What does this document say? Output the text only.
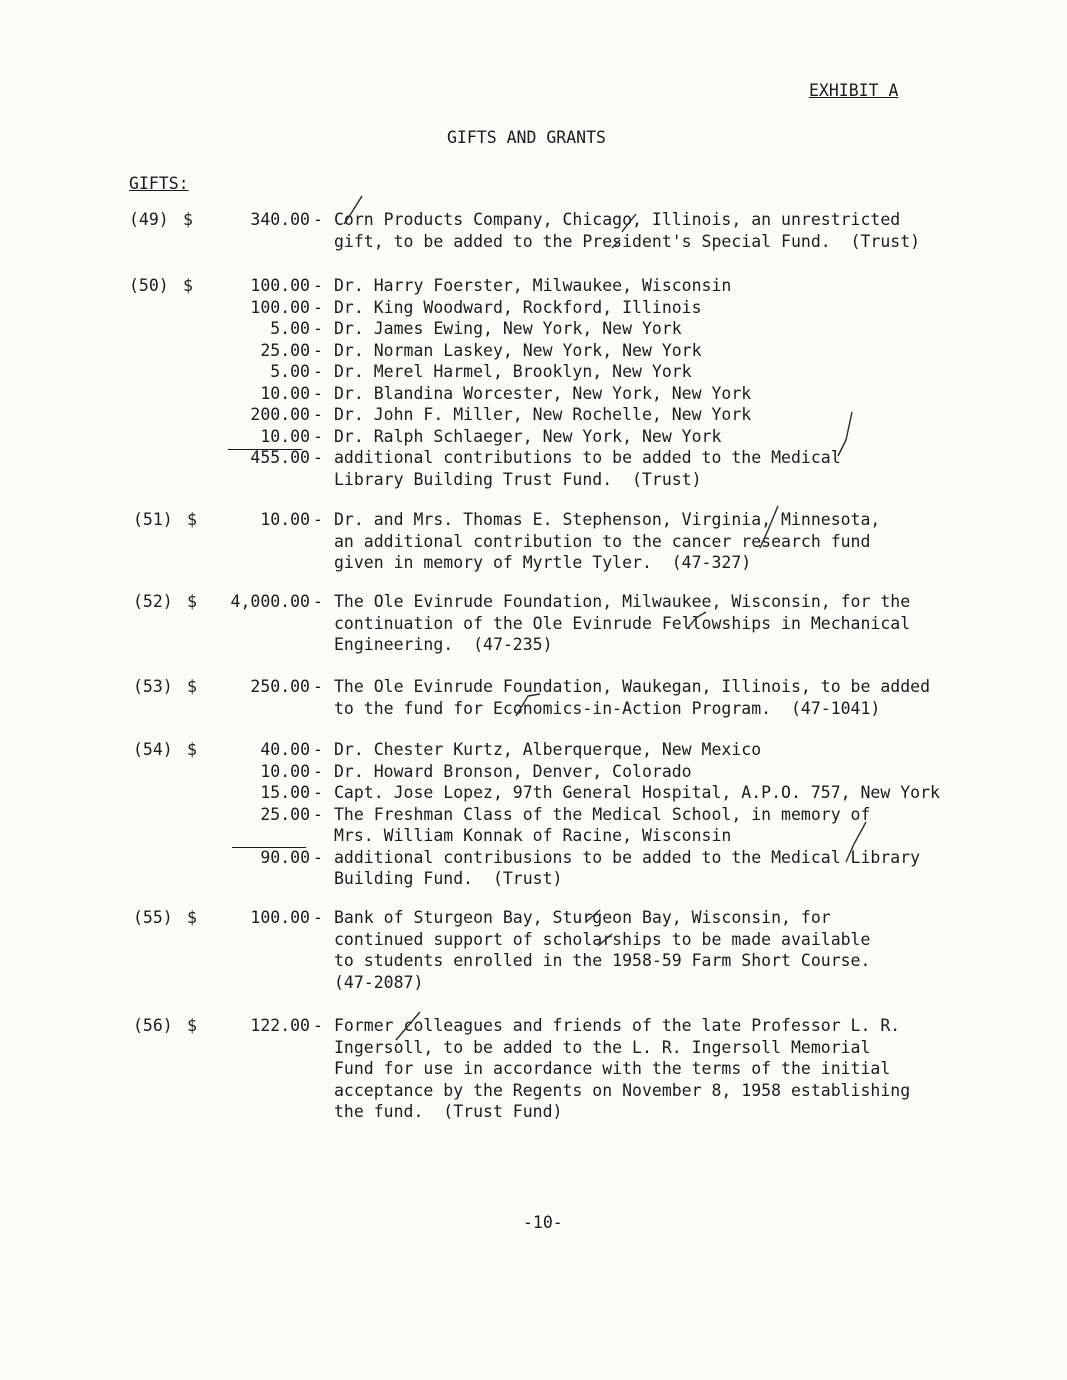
EXHIBIT A
GIFTS AND GRANTS
GIFTS:
(49) $	340.00 - Corn Products Company, Chicago, Illinois, an unrestricted
gift, to be added to the President's Special Fund.  (Trust)
(50) $	100.00 - Dr. Harry Foerster, Milwaukee, Wisconsin
100.00 - Dr. King Woodward, Rockford, Illinois
5.00 - Dr. James Ewing, New York, New York
25.00 - Dr. Norman Laskey, New York, New York
5.00 - Dr. Merel Harmel, Brooklyn, New York
10.00 - Dr. Blandina Worcester, New York, New York
200.00 - Dr. John F. Miller, New Rochelle, New York
10.00 - Dr. Ralph Schlaeger, New York, New York
455.00 - additional contributions to be added to the Medical
Library Building Trust Fund.  (Trust)
(51) $	10.00 - Dr. and Mrs. Thomas E. Stephenson, Virginia, Minnesota,
an additional contribution to the cancer research fund
given in memory of Myrtle Tyler.  (47-327)
(52) $	4,000.00 - The Ole Evinrude Foundation, Milwaukee, Wisconsin, for the
continuation of the Ole Evinrude Fellowships in Mechanical
Engineering.  (47-235)
(53) $	250.00 - The Ole Evinrude Foundation, Waukegan, Illinois, to be added
to the fund for Economics-in-Action Program.  (47-1041)
(54) $	40.00 - Dr. Chester Kurtz, Alberquerque, New Mexico
10.00 - Dr. Howard Bronson, Denver, Colorado
15.00 - Capt. Jose Lopez, 97th General Hospital, A.P.O. 757, New York
25.00 - The Freshman Class of the Medical School, in memory of
Mrs. William Konnak of Racine, Wisconsin
90.00 - additional contribusions to be added to the Medical Library
Building Fund.  (Trust)
(55) $	100.00 - Bank of Sturgeon Bay, Sturgeon Bay, Wisconsin, for
continued support of scholarships to be made available
to students enrolled in the 1958-59 Farm Short Course.
(47-2087)
(56) $	122.00 - Former colleagues and friends of the late Professor L. R.
Ingersoll, to be added to the L. R. Ingersoll Memorial
Fund for use in accordance with the terms of the initial
acceptance by the Regents on November 8, 1958 establishing
the fund.  (Trust Fund)
-10-
